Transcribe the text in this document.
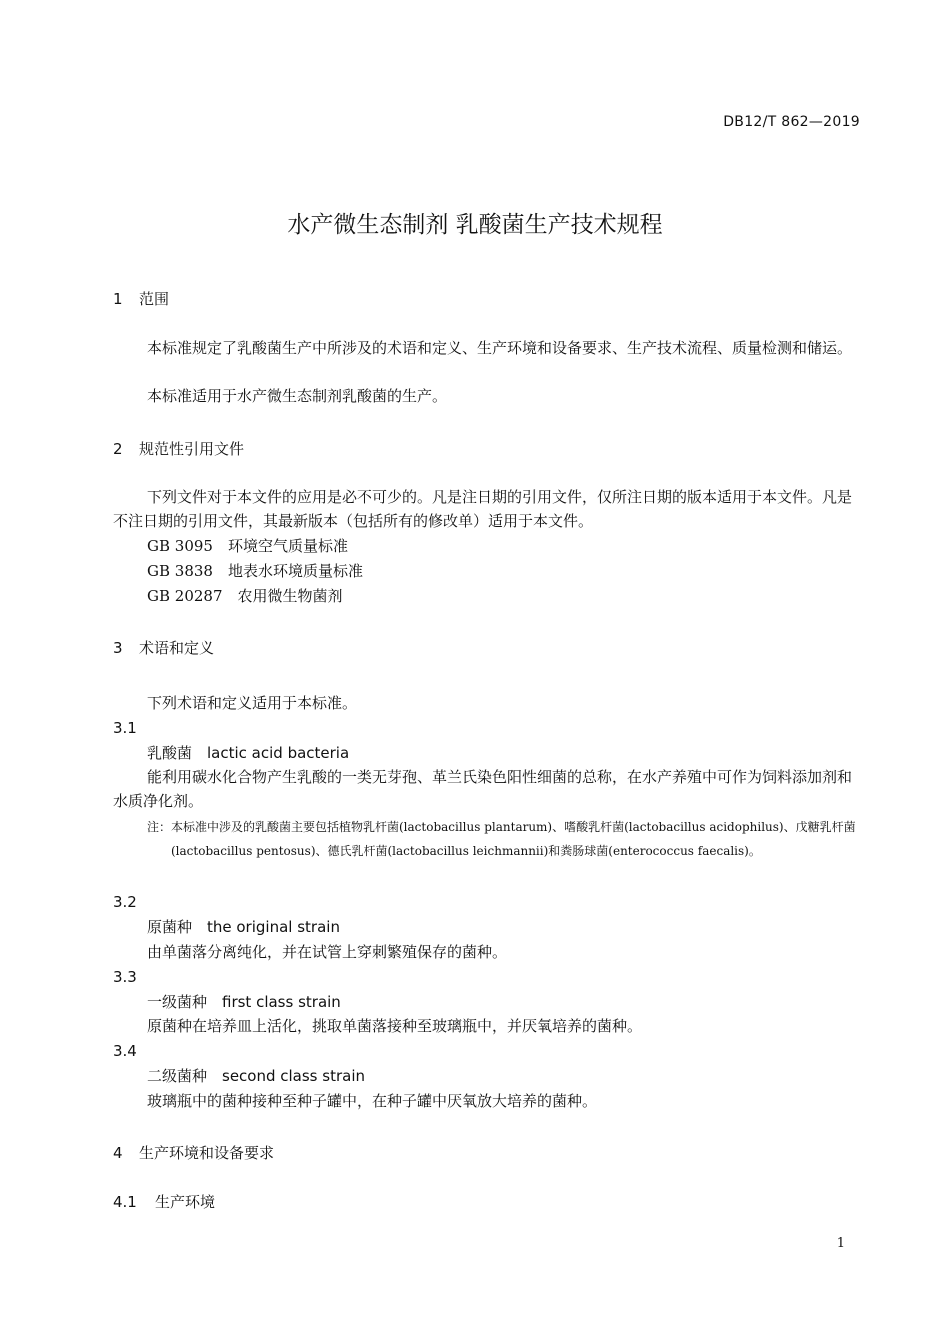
DB12/T 862—2019
水产微生态制剂 乳酸菌生产技术规程
1 范围
本标准规定了乳酸菌生产中所涉及的术语和定义、生产环境和设备要求、生产技术流程、质量检测和储运。
本标准适用于水产微生态制剂乳酸菌的生产。
2 规范性引用文件
下列文件对于本文件的应用是必不可少的。凡是注日期的引用文件，仅所注日期的版本适用于本文件。凡是不注日期的引用文件，其最新版本（包括所有的修改单）适用于本文件。
GB 3095　环境空气质量标准
GB 3838　地表水环境质量标准
GB 20287　农用微生物菌剂
3 术语和定义
下列术语和定义适用于本标准。
3.1
乳酸菌　lactic acid bacteria
能利用碳水化合物产生乳酸的一类无芽孢、革兰氏染色阳性细菌的总称，在水产养殖中可作为饲料添加剂和水质净化剂。
注： 本标准中涉及的乳酸菌主要包括植物乳杆菌(lactobacillus plantarum)、嗜酸乳杆菌(lactobacillus acidophilus)、戊糖乳杆菌(lactobacillus pentosus)、德氏乳杆菌(lactobacillus leichmannii)和粪肠球菌(enterococcus faecalis)。
3.2
原菌种　the original strain
由单菌落分离纯化，并在试管上穿刺繁殖保存的菌种。
3.3
一级菌种　first class strain
原菌种在培养皿上活化，挑取单菌落接种至玻璃瓶中，并厌氧培养的菌种。
3.4
二级菌种　second class strain
玻璃瓶中的菌种接种至种子罐中，在种子罐中厌氧放大培养的菌种。
4 生产环境和设备要求
4.1 生产环境
1
